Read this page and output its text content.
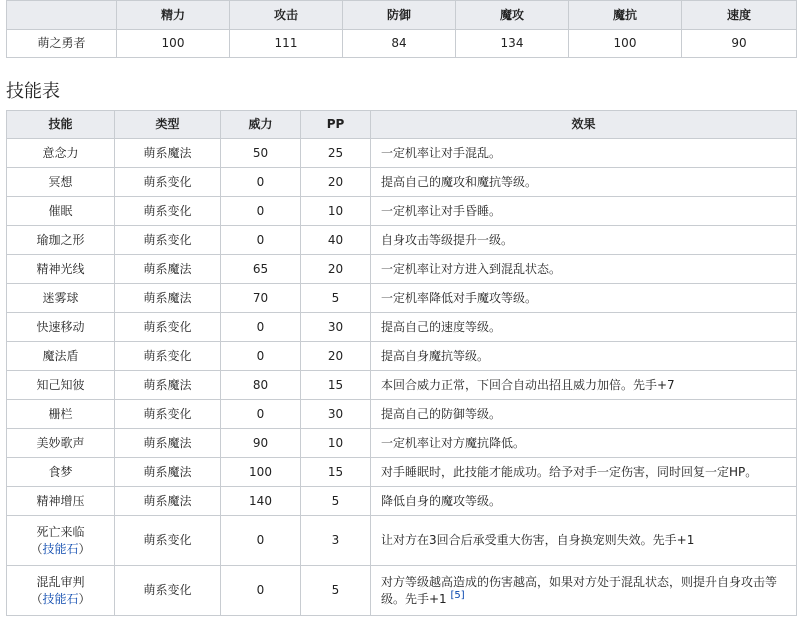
	精力	攻击	防御	魔攻	魔抗	速度
萌之勇者	100	111	84	134	100	90
技能表
技能	类型	威力	PP	效果
意念力	萌系魔法	50	25	一定机率让对手混乱。
冥想	萌系变化	0	20	提高自己的魔攻和魔抗等级。
催眠	萌系变化	0	10	一定机率让对手昏睡。
瑜珈之形	萌系变化	0	40	自身攻击等级提升一级。
精神光线	萌系魔法	65	20	一定机率让对方进入到混乱状态。
迷雾球	萌系魔法	70	5	一定机率降低对手魔攻等级。
快速移动	萌系变化	0	30	提高自己的速度等级。
魔法盾	萌系变化	0	20	提高自身魔抗等级。
知己知彼	萌系魔法	80	15	本回合威力正常，下回合自动出招且威力加倍。先手+7
栅栏	萌系变化	0	30	提高自己的防御等级。
美妙歌声	萌系魔法	90	10	一定机率让对方魔抗降低。
食梦	萌系魔法	100	15	对手睡眠时，此技能才能成功。给予对手一定伤害，同时回复一定HP。
精神增压	萌系魔法	140	5	降低自身的魔攻等级。
死亡来临
（技能石）	萌系变化	0	3	让对方在3回合后承受重大伤害，自身换宠则失效。先手+1
混乱审判
（技能石）	萌系变化	0	5	对方等级越高造成的伤害越高，如果对方处于混乱状态，则提升自身攻击等级。先手+1 [5]
